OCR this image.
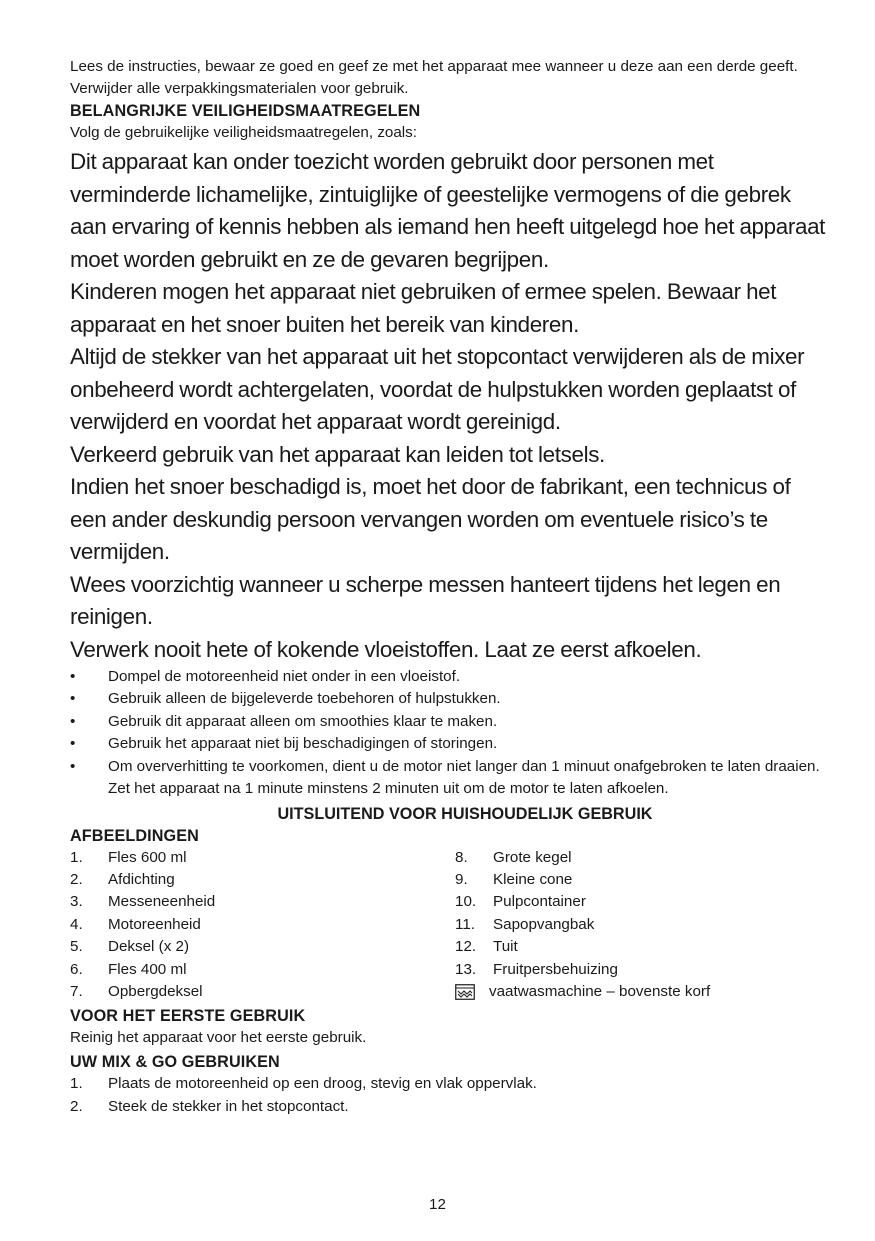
Lees de instructies, bewaar ze goed en geef ze met het apparaat mee wanneer u deze aan een derde geeft. Verwijder alle verpakkingsmaterialen voor gebruik.

BELANGRIJKE VEILIGHEIDSMAATREGELEN

Volg de gebruikelijke veiligheidsmaatregelen, zoals:

Dit apparaat kan onder toezicht worden gebruikt door personen met verminderde lichamelijke, zintuiglijke of geestelijke vermogens of die gebrek aan ervaring of kennis hebben als iemand hen heeft uitgelegd hoe het apparaat moet worden gebruikt en ze de gevaren begrijpen.

Kinderen mogen het apparaat niet gebruiken of ermee spelen. Bewaar het apparaat en het snoer buiten het bereik van kinderen.

Altijd de stekker van het apparaat uit het stopcontact verwijderen als de mixer onbeheerd wordt achtergelaten, voordat de hulpstukken worden geplaatst of verwijderd en voordat het apparaat wordt gereinigd.

Verkeerd gebruik van het apparaat kan leiden tot letsels.

Indien het snoer beschadigd is, moet het door de fabrikant, een technicus of een ander deskundig persoon vervangen worden om eventuele risico’s te vermijden.

Wees voorzichtig wanneer u scherpe messen hanteert tijdens het legen en reinigen.

Verwerk nooit hete of kokende vloeistoffen. Laat ze eerst afkoelen.

•	Dompel de motoreenheid niet onder in een vloeistof.
•	Gebruik alleen de bijgeleverde toebehoren of hulpstukken.
•	Gebruik dit apparaat alleen om smoothies klaar te maken.
•	Gebruik het apparaat niet bij beschadigingen of storingen.
•	Om oververhitting te voorkomen, dient u de motor niet langer dan 1 minuut onafgebroken te laten draaien. Zet het apparaat na 1 minute minstens 2 minuten uit om de motor te laten afkoelen.

UITSLUITEND VOOR HUISHOUDELIJK GEBRUIK

AFBEELDINGEN

1.	Fles 600 ml
2.	Afdichting
3.	Messeneenheid
4.	Motoreenheid
5.	Deksel (x 2)
6.	Fles 400 ml
7.	Opbergdeksel
8.	Grote kegel
9.	Kleine cone
10.	Pulpcontainer
11.	Sapopvangbak
12.	Tuit
13.	Fruitpersbehuizing
vaatwasmachine – bovenste korf

VOOR HET EERSTE GEBRUIK

Reinig het apparaat voor het eerste gebruik.

UW MIX & GO GEBRUIKEN

1.	Plaats de motoreenheid op een droog, stevig en vlak oppervlak.
2.	Steek de stekker in het stopcontact.
12
